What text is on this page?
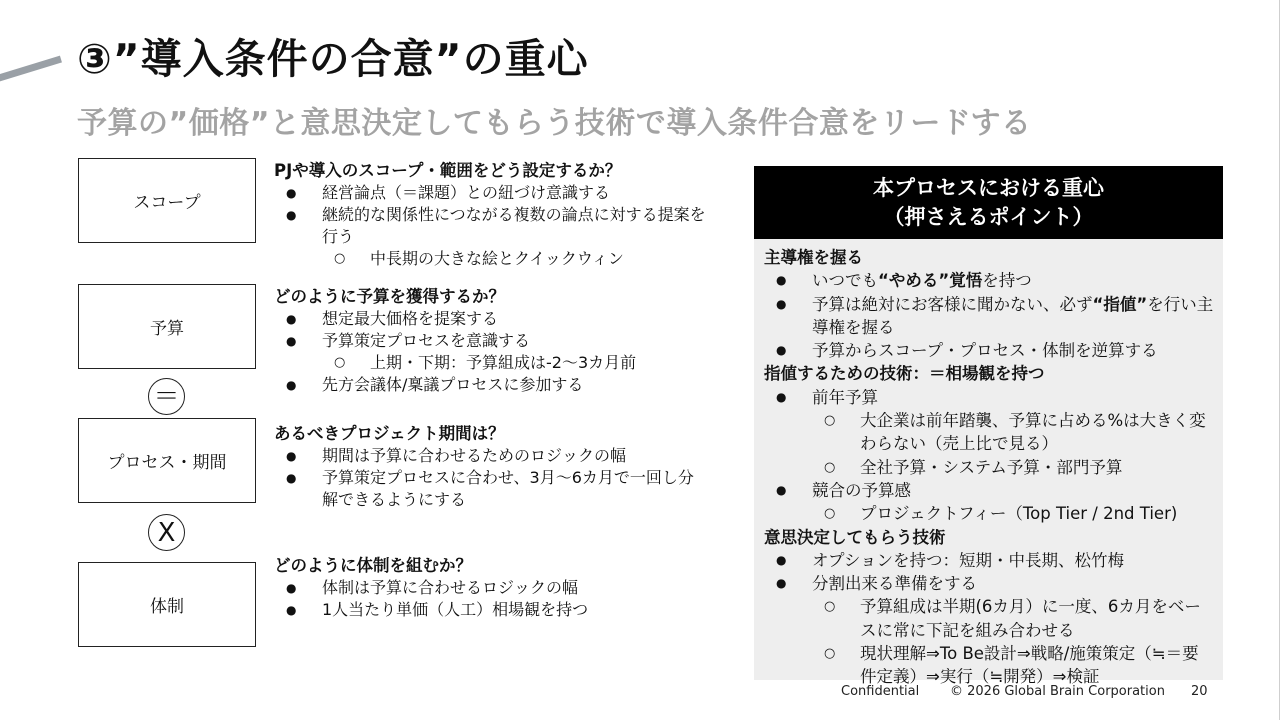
③”導入条件の合意”の重心
予算の”価格”と意思決定してもらう技術で導入条件合意をリードする
スコープ
予算
＝
プロセス・期間
X
体制
PJや導入のスコープ・範囲をどう設定するか？
● 経営論点（＝課題）との紐づけ意識する
● 継続的な関係性につながる複数の論点に対する提案を行う
○ 中長期の大きな絵とクイックウィン
どのように予算を獲得するか？
● 想定最大価格を提案する
● 予算策定プロセスを意識する
○ 上期・下期：予算組成は-2〜3カ月前
● 先方会議体/稟議プロセスに参加する
あるべきプロジェクト期間は？
● 期間は予算に合わせるためのロジックの幅
● 予算策定プロセスに合わせ、3月〜6カ月で一回し分解できるようにする
どのように体制を組むか？
● 体制は予算に合わせるロジックの幅
● 1人当たり単価（人工）相場観を持つ
本プロセスにおける重心
（押さえるポイント）
主導権を握る
● いつでも“やめる”覚悟を持つ
● 予算は絶対にお客様に聞かない、必ず“指値”を行い主導権を握る
● 予算からスコープ・プロセス・体制を逆算する
指値するための技術：＝相場観を持つ
● 前年予算
○ 大企業は前年踏襲、予算に占める%は大きく変わらない（売上比で見る）
○ 全社予算・システム予算・部門予算
● 競合の予算感
○ プロジェクトフィー（Top Tier / 2nd Tier)
意思決定してもらう技術
● オプションを持つ：短期・中長期、松竹梅
● 分割出来る準備をする
○ 予算組成は半期(6カ月）に一度、6カ月をベースに常に下記を組み合わせる
○ 現状理解⇒To Be設計⇒戦略/施策策定（≒＝要件定義）⇒実行（≒開発）⇒検証
Confidential © 2026 Global Brain Corporation 20
